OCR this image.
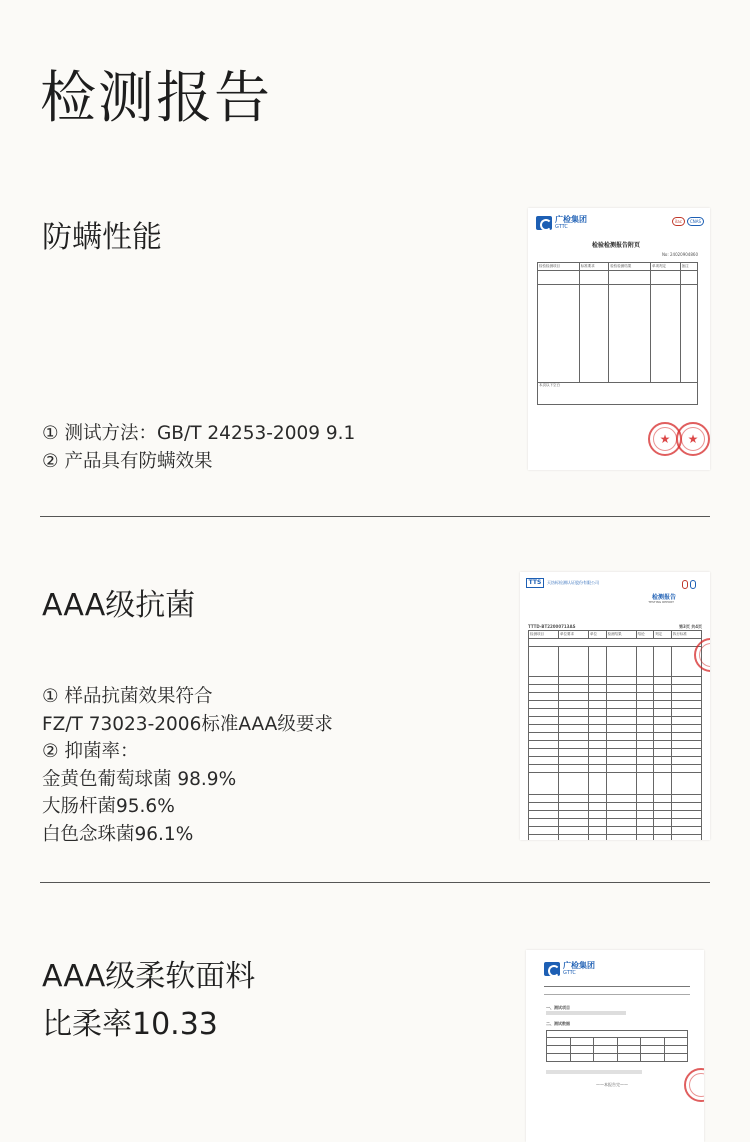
检测报告
防螨性能
① 测试方法：GB/T 24253-2009 9.1
② 产品具有防螨效果
广检集团
GTTC
ilac	CNAS
检验检测报告附页
No: 24020904860
检验检测项目	标准要求	检验检测结果	单项判定	备注

本页以下空白				
★	★
AAA级抗菌
① 样品抗菌效果符合
FZ/T 73023-2006标准AAA级要求
② 抑菌率：
金黄色葡萄球菌 98.9%
大肠杆菌95.6%
白色念珠菌96.1%
TTS	天纺标检测认证股份有限公司
检测报告
TESTING REPORT
TTTD-BT22000713AS	第3页 共4页
检测项目	单位要求	单位	检测结果	结论	判定	执行标准

AAA级柔软面料
比柔率10.33
广检集团
GTTC
一、测试项目
二、测试数据

——本报告完——
